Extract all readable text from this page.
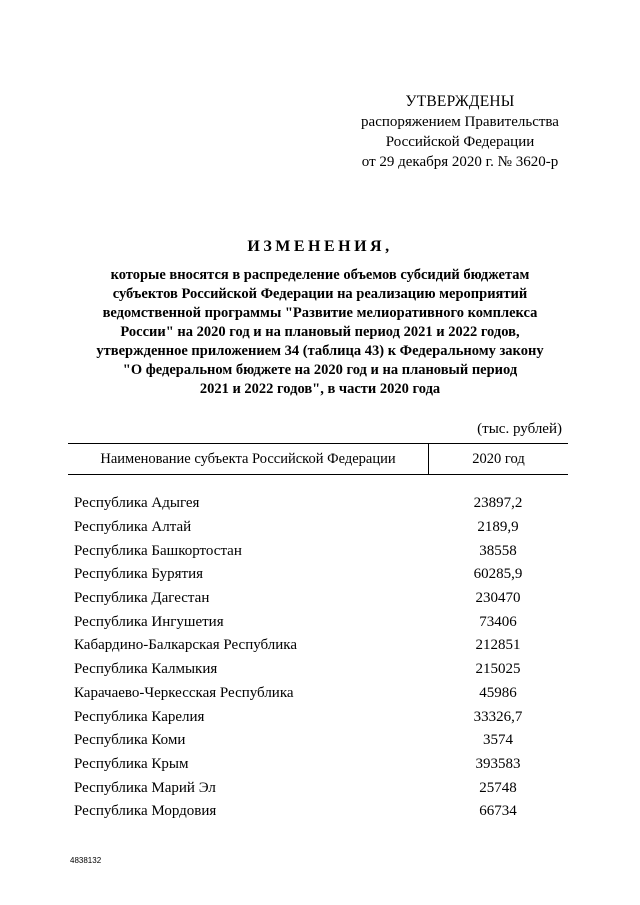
УТВЕРЖДЕНЫ
распоряжением Правительства
Российской Федерации
от 29 декабря 2020 г. № 3620-р
ИЗМЕНЕНИЯ,
которые вносятся в распределение объемов субсидий бюджетам
субъектов Российской Федерации на реализацию мероприятий
ведомственной программы "Развитие мелиоративного комплекса
России" на 2020 год и на плановый период 2021 и 2022 годов,
утвержденное приложением 34 (таблица 43) к Федеральному закону
"О федеральном бюджете на 2020 год и на плановый период
2021 и 2022 годов", в части 2020 года
(тыс. рублей)
Наименование субъекта Российской Федерации	2020 год
Республика Адыгея	23897,2
Республика Алтай	2189,9
Республика Башкортостан	38558
Республика Бурятия	60285,9
Республика Дагестан	230470
Республика Ингушетия	73406
Кабардино-Балкарская Республика	212851
Республика Калмыкия	215025
Карачаево-Черкесская Республика	45986
Республика Карелия	33326,7
Республика Коми	3574
Республика Крым	393583
Республика Марий Эл	25748
Республика Мордовия	66734
4838132
